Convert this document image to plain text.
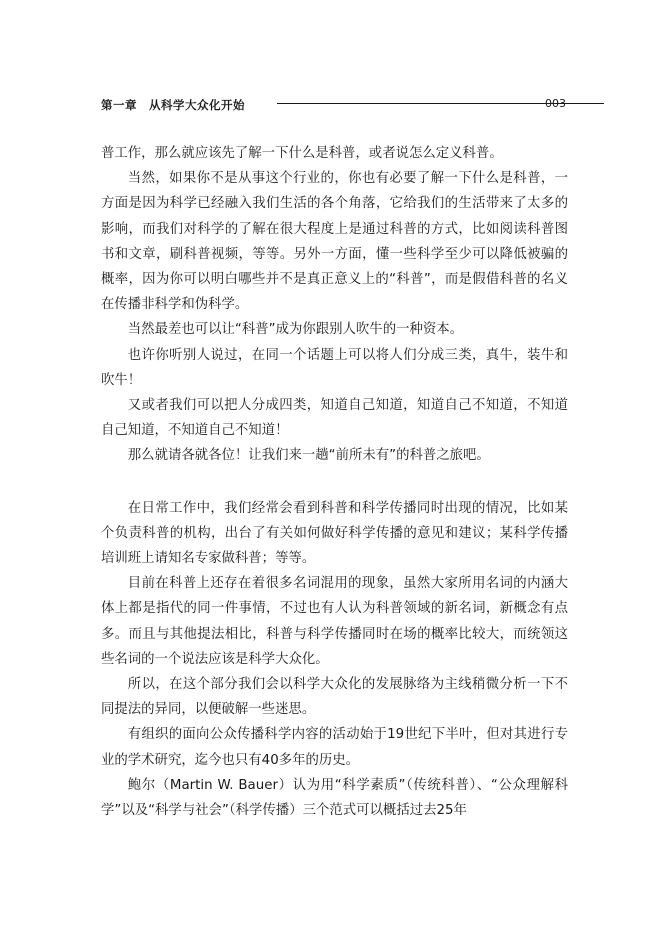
第一章　从科学大众化开始	003

普工作，那么就应该先了解一下什么是科普，或者说怎么定义科普。

当然，如果你不是从事这个行业的，你也有必要了解一下什么是科普，一方面是因为科学已经融入我们生活的各个角落，它给我们的生活带来了太多的影响，而我们对科学的了解在很大程度上是通过科普的方式，比如阅读科普图书和文章，刷科普视频，等等。另外一方面，懂一些科学至少可以降低被骗的概率，因为你可以明白哪些并不是真正意义上的“科普”，而是假借科普的名义在传播非科学和伪科学。

当然最差也可以让“科普”成为你跟别人吹牛的一种资本。

也许你听别人说过，在同一个话题上可以将人们分成三类，真牛，装牛和吹牛！

又或者我们可以把人分成四类，知道自己知道，知道自己不知道，不知道自己知道，不知道自己不知道！

那么就请各就各位！让我们来一趟“前所未有”的科普之旅吧。

在日常工作中，我们经常会看到科普和科学传播同时出现的情况，比如某个负责科普的机构，出台了有关如何做好科学传播的意见和建议；某科学传播培训班上请知名专家做科普；等等。

目前在科普上还存在着很多名词混用的现象，虽然大家所用名词的内涵大体上都是指代的同一件事情，不过也有人认为科普领域的新名词，新概念有点多。而且与其他提法相比，科普与科学传播同时在场的概率比较大，而统领这些名词的一个说法应该是科学大众化。

所以，在这个部分我们会以科学大众化的发展脉络为主线稍微分析一下不同提法的异同，以便破解一些迷思。

有组织的面向公众传播科学内容的活动始于19世纪下半叶，但对其进行专业的学术研究，迄今也只有40多年的历史。

鲍尔（Martin W. Bauer）认为用“科学素质”（传统科普）、“公众理解科学”以及“科学与社会”（科学传播）三个范式可以概括过去25年
